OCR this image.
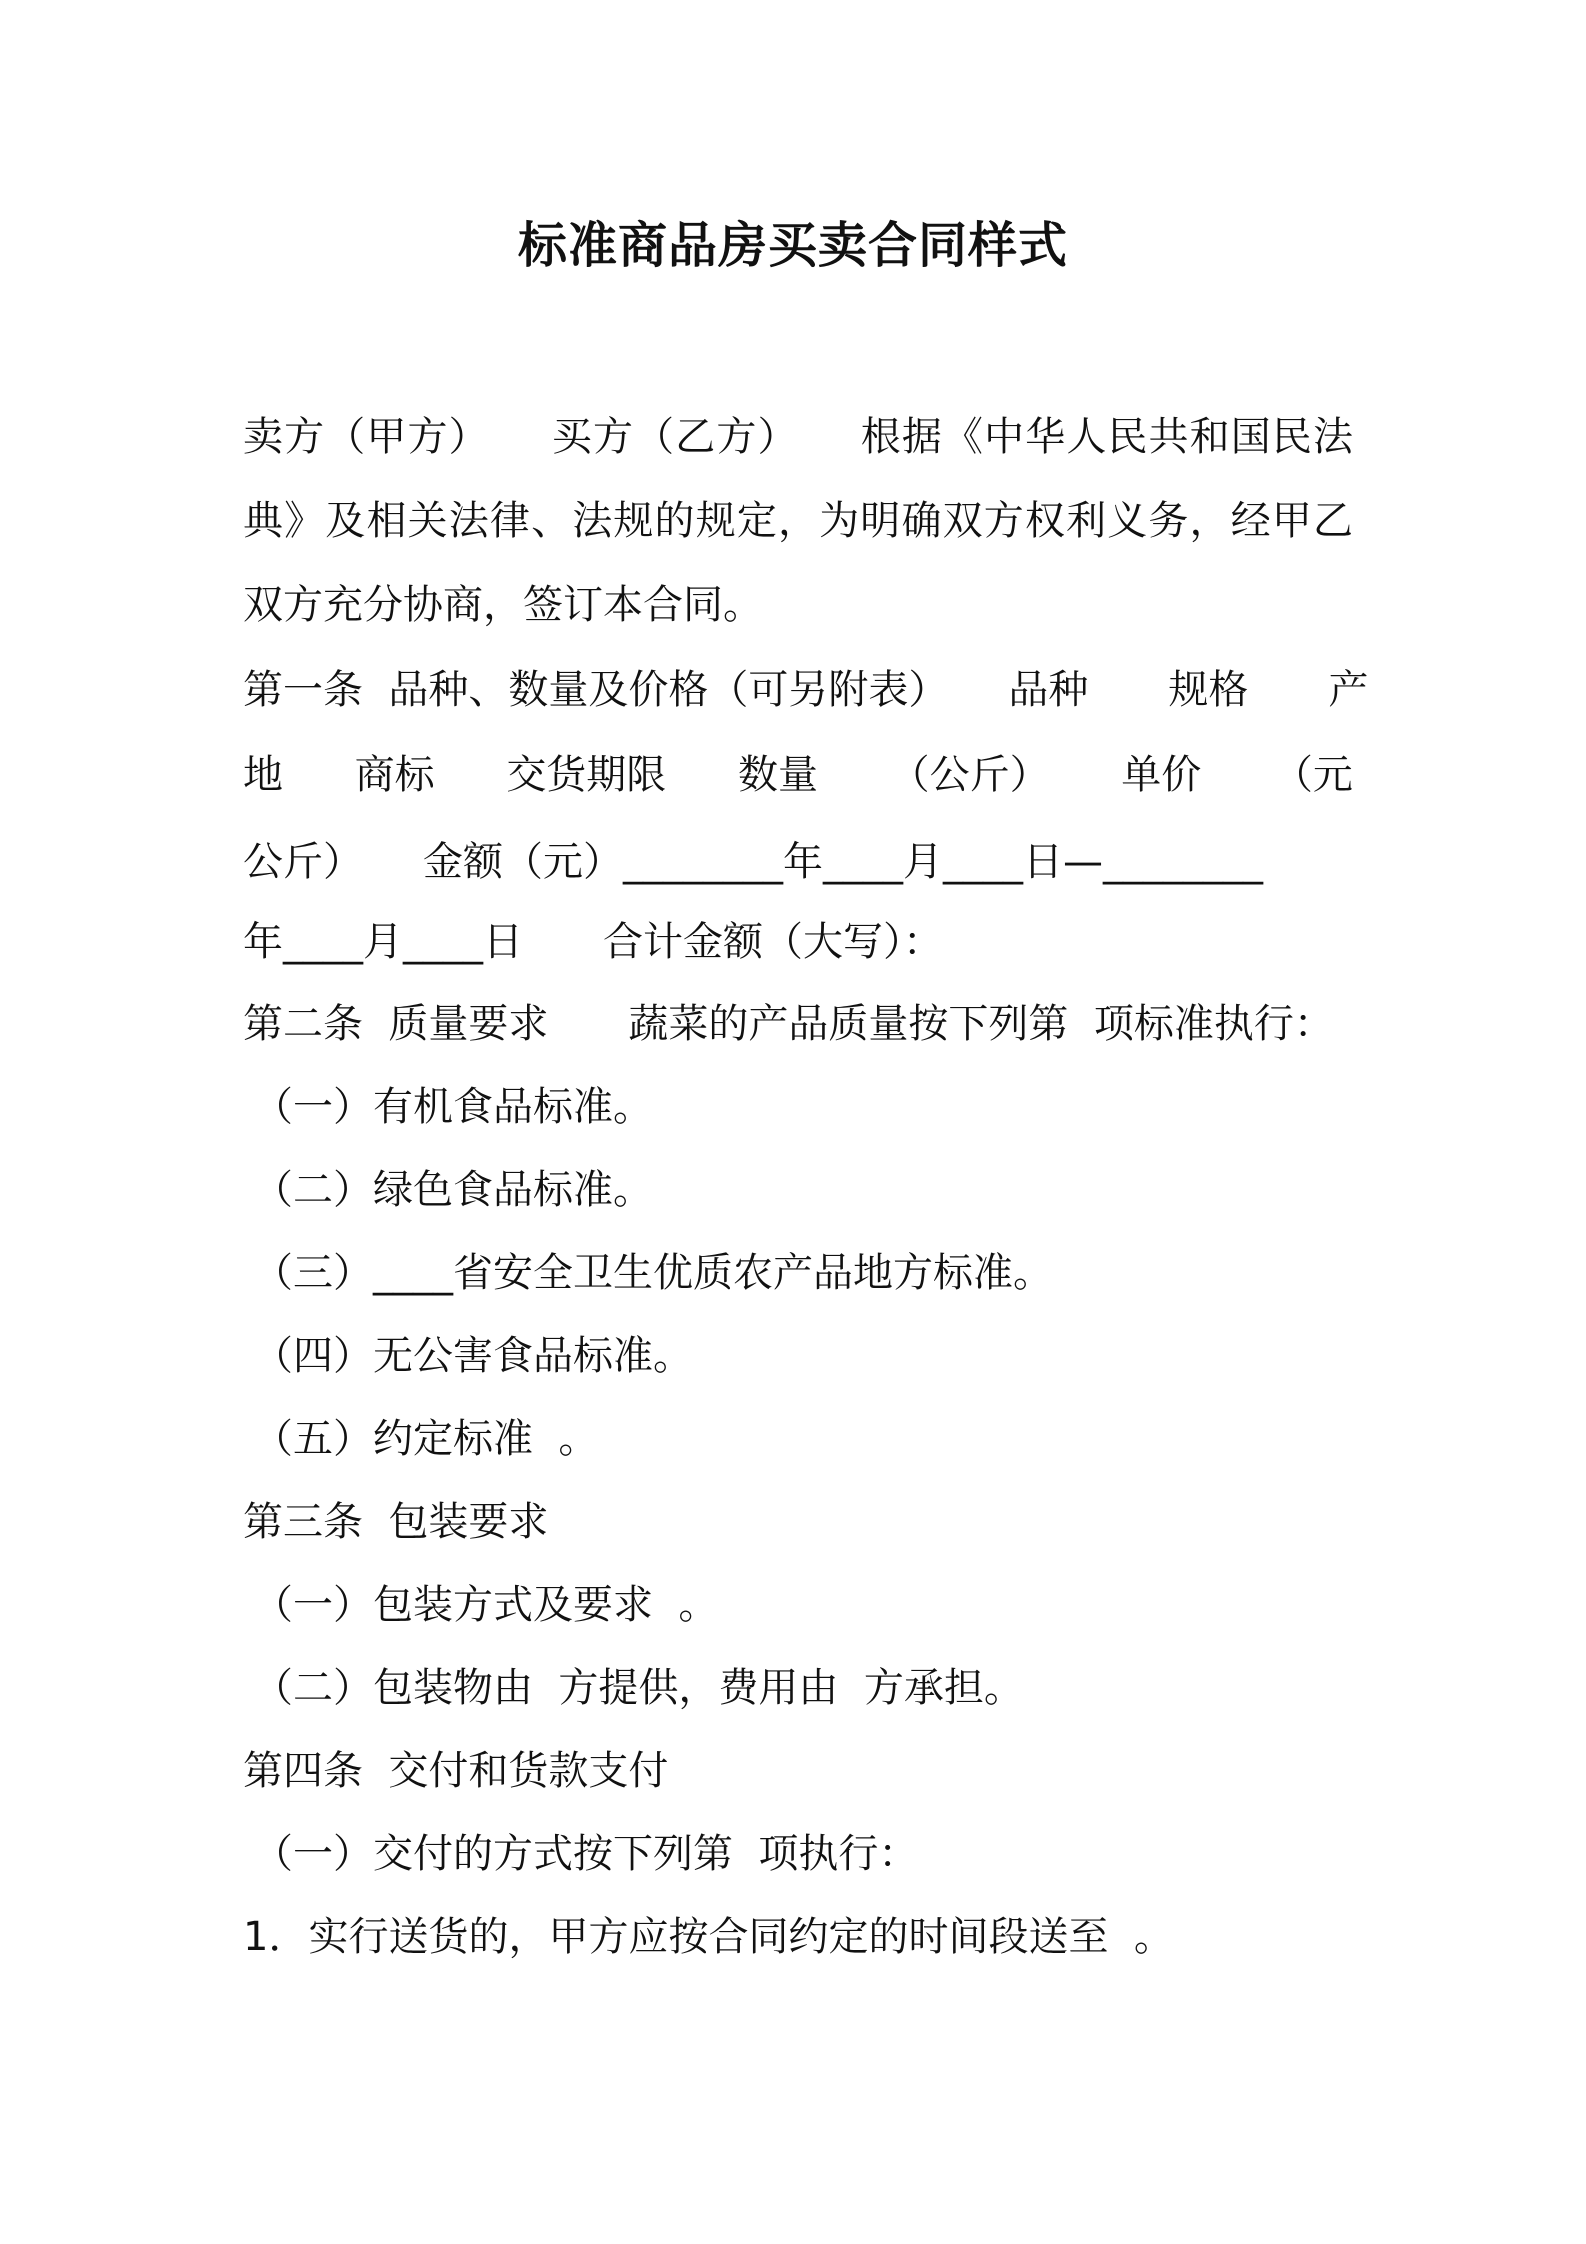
标准商品房买卖合同样式
卖方（甲方）　　买方（乙方）　　根据《中华人民共和国民法典》及相关法律、法规的规定，为明确双方权利义务，经甲乙双方充分协商，签订本合同。
第一条  品种、数量及价格（可另附表）　　品种　　规格　　产
地 商标 交货期限 数量 （公斤） 单价 （元
公斤）　　金额（元）________年____月____日—________
年____月____日　　合计金额（大写）：
第二条  质量要求　　蔬菜的产品质量按下列第  项标准执行：
（一）有机食品标准。
（二）绿色食品标准。
（三）____省安全卫生优质农产品地方标准。
（四）无公害食品标准。
（五）约定标准  。
第三条  包装要求
（一）包装方式及要求  。
（二）包装物由  方提供，费用由  方承担。
第四条  交付和货款支付
（一）交付的方式按下列第  项执行：
1．实行送货的，甲方应按合同约定的时间段送至  。
